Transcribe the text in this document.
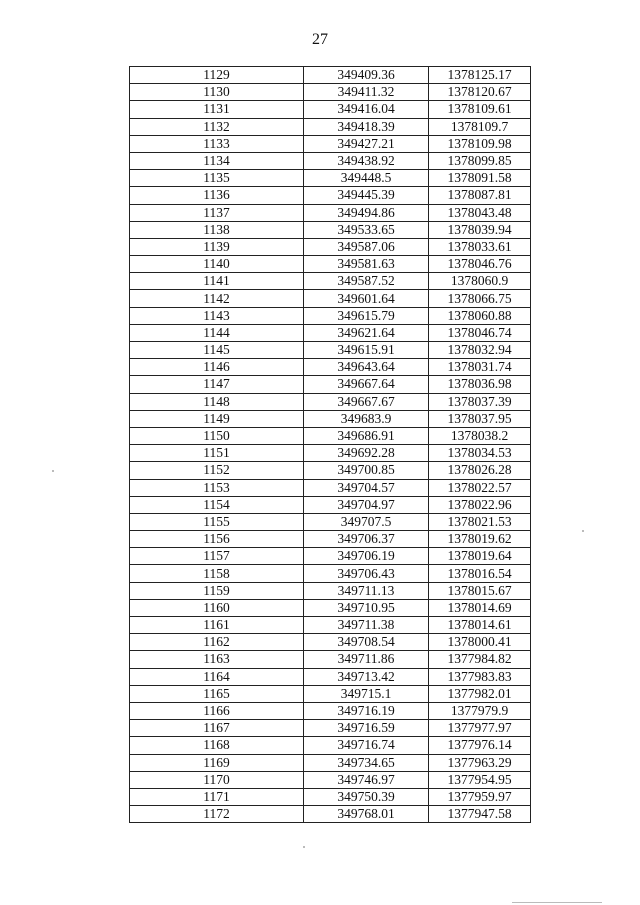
27
1129	349409.36	1378125.17
1130	349411.32	1378120.67
1131	349416.04	1378109.61
1132	349418.39	1378109.7
1133	349427.21	1378109.98
1134	349438.92	1378099.85
1135	349448.5	1378091.58
1136	349445.39	1378087.81
1137	349494.86	1378043.48
1138	349533.65	1378039.94
1139	349587.06	1378033.61
1140	349581.63	1378046.76
1141	349587.52	1378060.9
1142	349601.64	1378066.75
1143	349615.79	1378060.88
1144	349621.64	1378046.74
1145	349615.91	1378032.94
1146	349643.64	1378031.74
1147	349667.64	1378036.98
1148	349667.67	1378037.39
1149	349683.9	1378037.95
1150	349686.91	1378038.2
1151	349692.28	1378034.53
1152	349700.85	1378026.28
1153	349704.57	1378022.57
1154	349704.97	1378022.96
1155	349707.5	1378021.53
1156	349706.37	1378019.62
1157	349706.19	1378019.64
1158	349706.43	1378016.54
1159	349711.13	1378015.67
1160	349710.95	1378014.69
1161	349711.38	1378014.61
1162	349708.54	1378000.41
1163	349711.86	1377984.82
1164	349713.42	1377983.83
1165	349715.1	1377982.01
1166	349716.19	1377979.9
1167	349716.59	1377977.97
1168	349716.74	1377976.14
1169	349734.65	1377963.29
1170	349746.97	1377954.95
1171	349750.39	1377959.97
1172	349768.01	1377947.58
